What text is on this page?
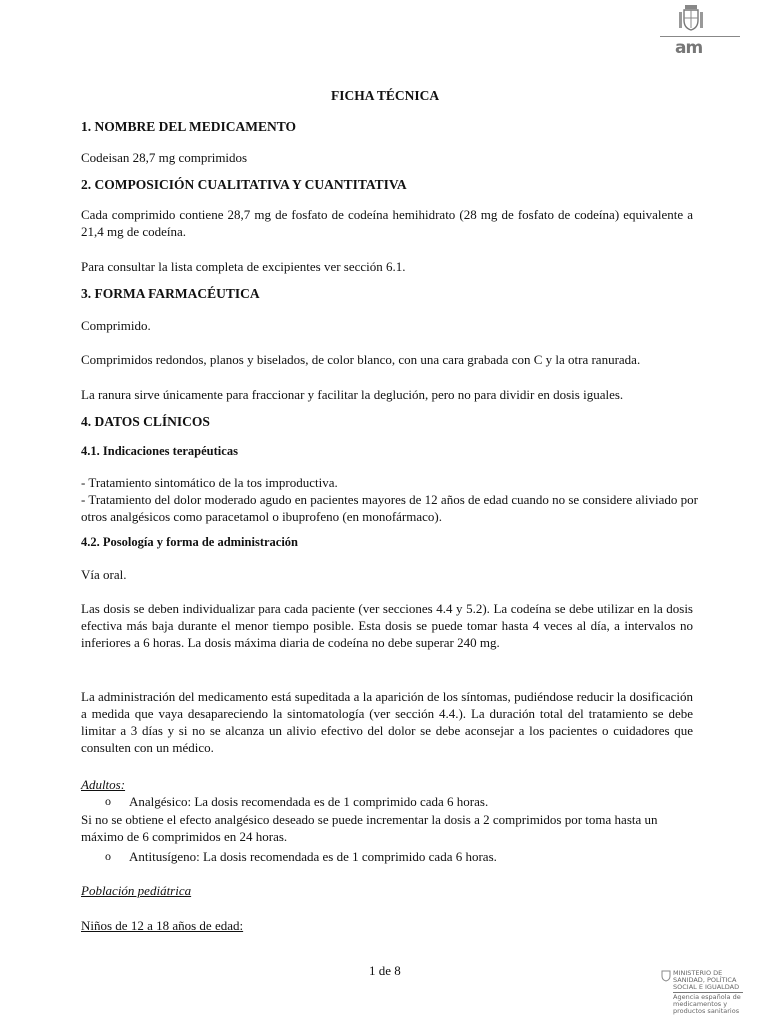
am
FICHA TÉCNICA
1. NOMBRE DEL MEDICAMENTO
Codeisan 28,7 mg comprimidos
2. COMPOSICIÓN CUALITATIVA Y CUANTITATIVA
Cada comprimido contiene 28,7 mg de fosfato de codeína hemihidrato (28 mg de fosfato de codeína) equivalente a 21,4 mg de codeína.
Para consultar la lista completa de excipientes ver sección 6.1.
3. FORMA FARMACÉUTICA
Comprimido.
Comprimidos redondos, planos y biselados, de color blanco, con una cara grabada con C y la otra ranurada.
La ranura sirve únicamente para fraccionar y facilitar la deglución, pero no para dividir en dosis iguales.
4. DATOS CLÍNICOS
4.1. Indicaciones terapéuticas
- Tratamiento sintomático de la tos improductiva.
- Tratamiento del dolor moderado agudo en pacientes mayores de 12 años de edad cuando no se considere aliviado por otros analgésicos como paracetamol o ibuprofeno (en monofármaco).
4.2. Posología y forma de administración
Vía oral.
Las dosis se deben individualizar para cada paciente (ver secciones 4.4 y 5.2). La codeína se debe utilizar en la dosis efectiva más baja durante el menor tiempo posible. Esta dosis se puede tomar hasta 4 veces al día, a intervalos no inferiores a 6 horas. La dosis máxima diaria de codeína no debe superar 240 mg.
La administración del medicamento está supeditada a la aparición de los síntomas, pudiéndose reducir la dosificación a medida que vaya desapareciendo la sintomatología (ver sección 4.4.). La duración total del tratamiento se debe limitar a 3 días y si no se alcanza un alivio efectivo del dolor se debe aconsejar a los pacientes o cuidadores que consulten con un médico.
Adultos:
o Analgésico: La dosis recomendada es de 1 comprimido cada 6 horas.
Si no se obtiene el efecto analgésico deseado se puede incrementar la dosis a 2 comprimidos por toma hasta un máximo de 6 comprimidos en 24 horas.
o Antitusígeno: La dosis recomendada es de 1 comprimido cada 6 horas.
Población pediátrica
Niños de 12 a 18 años de edad:
1 de 8	MINISTERIO DE SANIDAD, POLÍTICA SOCIAL E IGUALDAD
Agencia española de medicamentos y productos sanitarios
